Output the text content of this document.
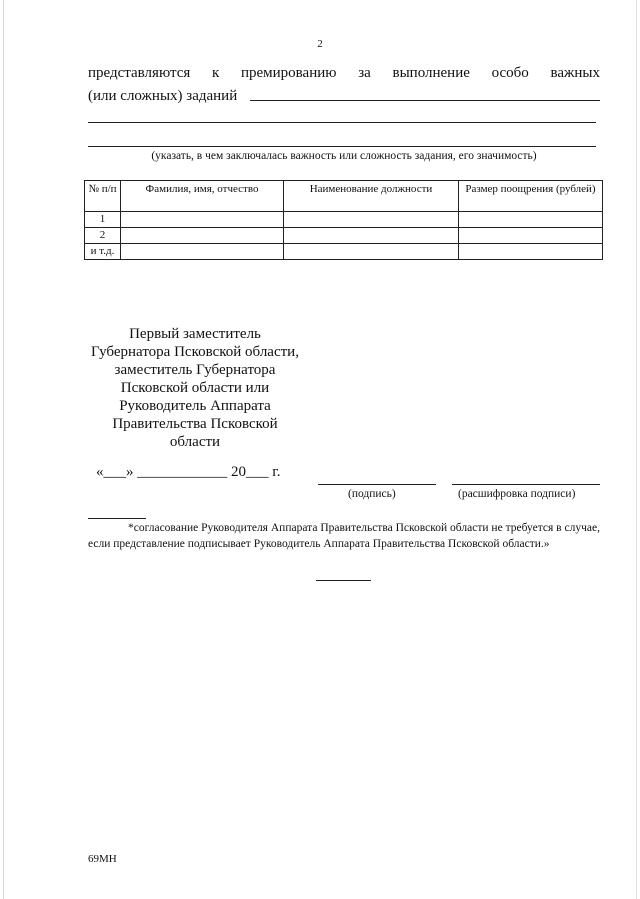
2
представляются к премированию за выполнение особо важных
(или сложных) заданий
(указать, в чем заключалась важность или сложность задания, его значимость)
№ п/п	Фамилия, имя, отчество	Наименование должности	Размер поощрения (рублей)
1			
2			
и т.д.			
Первый заместитель Губернатора Псковской области, заместитель Губернатора Псковской области или Руководитель Аппарата Правительства Псковской области
«___» ____________ 20___ г.
(подпись)	(расшифровка подписи)
*согласование Руководителя Аппарата Правительства Псковской области не требуется в случае, если представление подписывает Руководитель Аппарата Правительства Псковской области.»
69МН
